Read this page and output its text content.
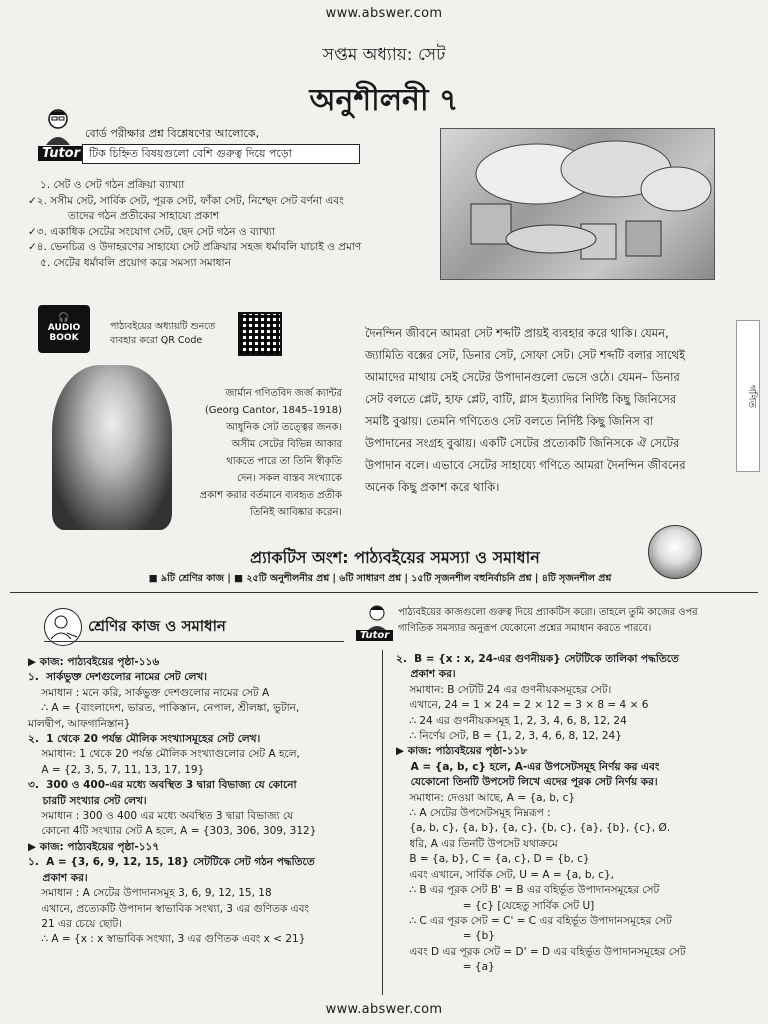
www.abswer.com
সপ্তম অধ্যায়: সেট
অনুশীলনী ৭
Tutor
বোর্ড পরীক্ষার প্রশ্ন বিশ্লেষণের আলোকে,
টিক চিহ্নিত বিষয়গুলো বেশি গুরুত্ব দিয়ে পড়ো
১. সেট ও সেট গঠন প্রক্রিয়া ব্যাখ্যা
✓২. সসীম সেট, সার্বিক সেট, পূরক সেট, ফাঁকা সেট, নিশ্ছেদ সেট বর্ণনা এবং
তাদের গঠন প্রতীকের সাহায্যে প্রকাশ
✓৩. একাধিক সেটের সংযোগ সেট, ছেদ সেট গঠন ও ব্যাখ্যা
✓৪. ভেনচিত্র ও উদাহরণের সাহায্যে সেট প্রক্রিয়ার সহজ ধর্মাবলি যাচাই ও প্রমাণ
৫. সেটের ধর্মাবলি প্রয়োগ করে সমস্যা সমাধান
🎧
AUDIO BOOK
পাঠ্যবইয়ের অধ্যায়টি শুনতে
ব্যবহার করো QR Code
জার্মান গণিতবিদ জর্জ ক্যান্টর
(Georg Cantor, 1845–1918)
আধুনিক সেট তত্ত্বের জনক।
অসীম সেটের বিভিন্ন আকার
থাকতে পারে তা তিনি স্বীকৃতি
দেন। সকল বাস্তব সংখ্যাকে
প্রকাশ করার বর্তমানে ব্যবহৃত প্রতীক
তিনিই আবিষ্কার করেন।
দৈনন্দিন জীবনে আমরা সেট শব্দটি প্রায়ই ব্যবহার করে থাকি। যেমন,
জ্যামিতি বক্সের সেট, ডিনার সেট, সোফা সেট। সেট শব্দটি বলার সাথেই
আমাদের মাথায় সেই সেটের উপাদানগুলো ভেসে ওঠে। যেমন– ডিনার
সেট বলতে প্লেট, হাফ প্লেট, বাটি, গ্লাস ইত্যাদির নির্দিষ্ট কিছু জিনিসের
সমষ্টি বুঝায়। তেমনি গণিতেও সেট বলতে নির্দিষ্ট কিছু জিনিস বা
উপাদানের সংগ্রহ বুঝায়। একটি সেটের প্রত্যেকটি জিনিসকে ঐ সেটের
উপাদান বলে। এভাবে সেটের সাহায্যে গণিতে আমরা দৈনন্দিন জীবনের
অনেক কিছু প্রকাশ করে থাকি।
গণিত
প্র্যাকটিস অংশ: পাঠ্যবইয়ের সমস্যা ও সমাধান
■ ৯টি শ্রেণির কাজ | ■ ২৫টি অনুশীলনীর প্রশ্ন | ৬টি সাধারণ প্রশ্ন | ১৫টি সৃজনশীল বহুনির্বাচনি প্রশ্ন | ৪টি সৃজনশীল প্রশ্ন
শ্রেণির কাজ ও সমাধান
Tutor
পাঠ্যবইয়ের কাজগুলো গুরুত্ব দিয়ে প্র্যাকটিস করো। তাহলে তুমি কাজের ওপর
গাণিতিক সমস্যার অনুরূপ যেকোনো প্রশ্নের সমাধান করতে পারবে।
▶ কাজ: পাঠ্যবইয়ের পৃষ্ঠা-১১৬
১.  সার্কভুক্ত দেশগুলোর নামের সেট লেখ।
সমাধান : মনে করি, সার্কভুক্ত দেশগুলোর নামের সেট A
∴ A = {বাংলাদেশ, ভারত, পাকিস্তান, নেপাল, শ্রীলঙ্কা, ভুটান,
মালদ্বীপ, আফগানিস্তান}
২.  1 থেকে 20 পর্যন্ত মৌলিক সংখ্যাসমূহের সেট লেখ।
সমাধান: 1 থেকে 20 পর্যন্ত মৌলিক সংখ্যাগুলোর সেট A হলে,
A = {2, 3, 5, 7, 11, 13, 17, 19}
৩.  300 ও 400-এর মধ্যে অবস্থিত 3 দ্বারা বিভাজ্য যে কোনো
চারটি সংখ্যার সেট লেখ।
সমাধান : 300 ও 400 এর মধ্যে অবস্থিত 3 দ্বারা বিভাজ্য যে
কোনো 4টি সংখ্যার সেট A হলে, A = {303, 306, 309, 312}
▶ কাজ: পাঠ্যবইয়ের পৃষ্ঠা-১১৭
১.  A = {3, 6, 9, 12, 15, 18} সেটটিকে সেট গঠন পদ্ধতিতে
প্রকাশ কর।
সমাধান : A সেটের উপাদানসমূহ 3, 6, 9, 12, 15, 18
এখানে, প্রত্যেকটি উপাদান স্বাভাবিক সংখ্যা, 3 এর গুণিতক এবং
21 এর চেয়ে ছোট।
∴ A = {x : x স্বাভাবিক সংখ্যা, 3 এর গুণিতক এবং x < 21}
২.  B = {x : x, 24-এর গুণনীয়ক} সেটটিকে তালিকা পদ্ধতিতে
প্রকাশ কর।
সমাধান: B সেটটি 24 এর গুণনীয়কসমূহের সেট।
এখানে, 24 = 1 × 24 = 2 × 12 = 3 × 8 = 4 × 6
∴ 24 এর গুণনীয়কসমূহ 1, 2, 3, 4, 6, 8, 12, 24
∴ নির্ণেয় সেট, B = {1, 2, 3, 4, 6, 8, 12, 24}
▶ কাজ: পাঠ্যবইয়ের পৃষ্ঠা-১১৮
A = {a, b, c} হলে, A-এর উপসেটসমূহ নির্ণয় কর এবং
যেকোনো তিনটি উপসেট লিখে এদের পূরক সেট নির্ণয় কর।
সমাধান: দেওয়া আছে, A = {a, b, c}
∴ A সেটের উপসেটসমূহ নিম্নরূপ :
{a, b, c}, {a, b}, {a, c}, {b, c}, {a}, {b}, {c}, Ø.
ধরি, A এর তিনটি উপসেট যথাক্রমে
B = {a, b}, C = {a, c}, D = {b, c}
এবং এখানে, সার্বিক সেট, U = A = {a, b, c},
∴ B এর পূরক সেট B' = B এর বহির্ভূত উপাদানসমূহের সেট
= {c} [যেহেতু সার্বিক সেট U]
∴ C এর পূরক সেট = C' = C এর বহির্ভূত উপাদানসমূহের সেট
= {b}
এবং D এর পূরক সেট = D' = D এর বহির্ভূত উপাদানসমূহের সেট
= {a}
www.abswer.com
